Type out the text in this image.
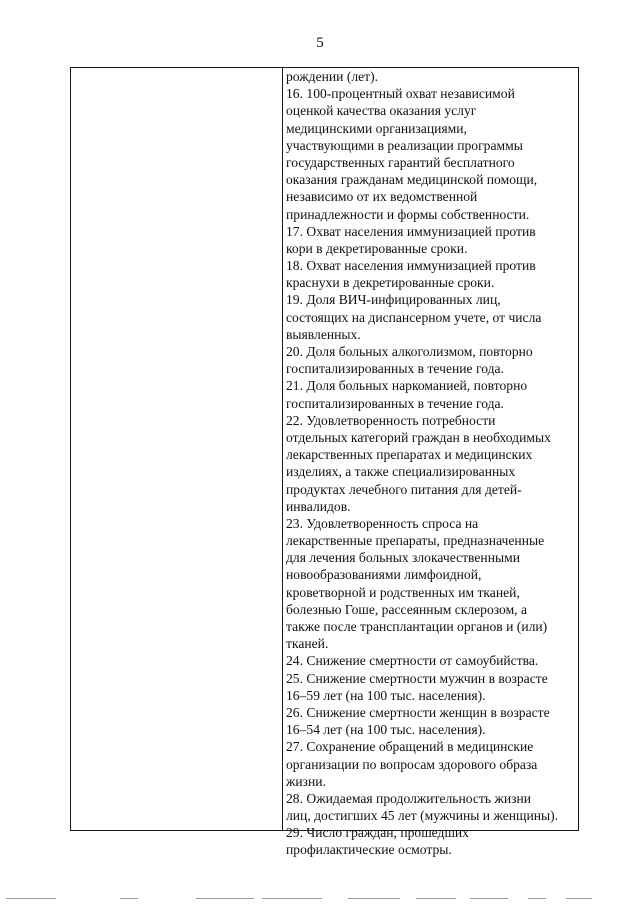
5
рождении (лет).
16. 100-процентный охват независимой
оценкой качества оказания услуг
медицинскими организациями,
участвующими в реализации программы
государственных гарантий бесплатного
оказания гражданам медицинской помощи,
независимо от их ведомственной
принадлежности и формы собственности.
17. Охват населения иммунизацией против
кори в декретированные сроки.
18. Охват населения иммунизацией против
краснухи в декретированные сроки.
19. Доля ВИЧ-инфицированных лиц,
состоящих на диспансерном учете, от числа
выявленных.
20. Доля больных алкоголизмом, повторно
госпитализированных в течение года.
21. Доля больных наркоманией, повторно
госпитализированных в течение года.
22. Удовлетворенность потребности
отдельных категорий граждан в необходимых
лекарственных препаратах и медицинских
изделиях, а также специализированных
продуктах лечебного питания для детей-
инвалидов.
23. Удовлетворенность спроса на
лекарственные препараты, предназначенные
для лечения больных злокачественными
новообразованиями лимфоидной,
кроветворной и родственных им тканей,
болезнью Гоше, рассеянным склерозом, а
также после трансплантации органов и (или)
тканей.
24. Снижение смертности от самоубийства.
25. Снижение смертности мужчин в возрасте
16–59 лет (на 100 тыс. населения).
26. Снижение смертности женщин в возрасте
16–54 лет (на 100 тыс. населения).
27. Сохранение обращений в медицинские
организации по вопросам здорового образа
жизни.
28. Ожидаемая продолжительность жизни
лиц, достигших 45 лет (мужчины и женщины).
29. Число граждан, прошедших
профилактические осмотры.
